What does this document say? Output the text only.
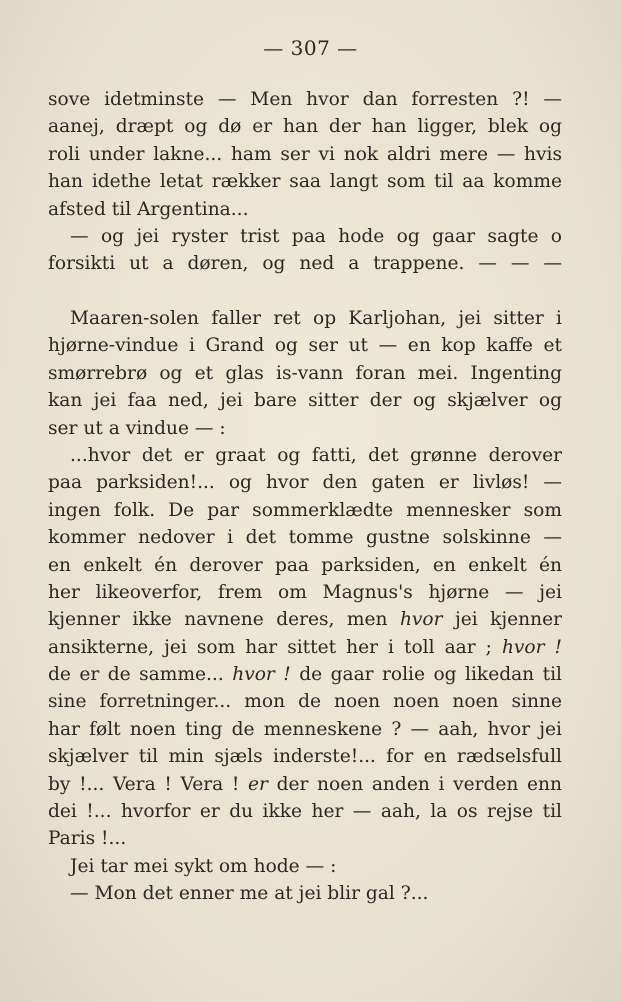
— 307 —
sove idetminste — Men hvor dan forresten ?! —
aanej, dræpt og dø er han der han ligger, blek og
roli under lakne... ham ser vi nok aldri mere — hvis
han idethe letat rækker saa langt som til aa komme
afsted til Argentina...
— og jei ryster trist paa hode og gaar sagte o
forsikti ut a døren, og ned a trappene. — — —
Maaren-solen faller ret op Karljohan, jei sitter i
hjørne-vindue i Grand og ser ut — en kop kaffe et
smørrebrø og et glas is-vann foran mei. Ingenting
kan jei faa ned, jei bare sitter der og skjælver og
ser ut a vindue — :
...hvor det er graat og fatti, det grønne derover
paa parksiden!... og hvor den gaten er livløs! —
ingen folk. De par sommerklædte mennesker som
kommer nedover i det tomme gustne solskinne —
en enkelt én derover paa parksiden, en enkelt én
her likeoverfor, frem om Magnus's hjørne — jei
kjenner ikke navnene deres, men hvor jei kjenner
ansikterne, jei som har sittet her i toll aar ; hvor !
de er de samme... hvor ! de gaar rolie og likedan til
sine forretninger... mon de noen noen noen sinne
har følt noen ting de menneskene ? — aah, hvor jei
skjælver til min sjæls inderste!... for en rædselsfull
by !... Vera ! Vera ! er der noen anden i verden enn
dei !... hvorfor er du ikke her — aah, la os rejse til
Paris !...
Jei tar mei sykt om hode — :
— Mon det enner me at jei blir gal ?...
